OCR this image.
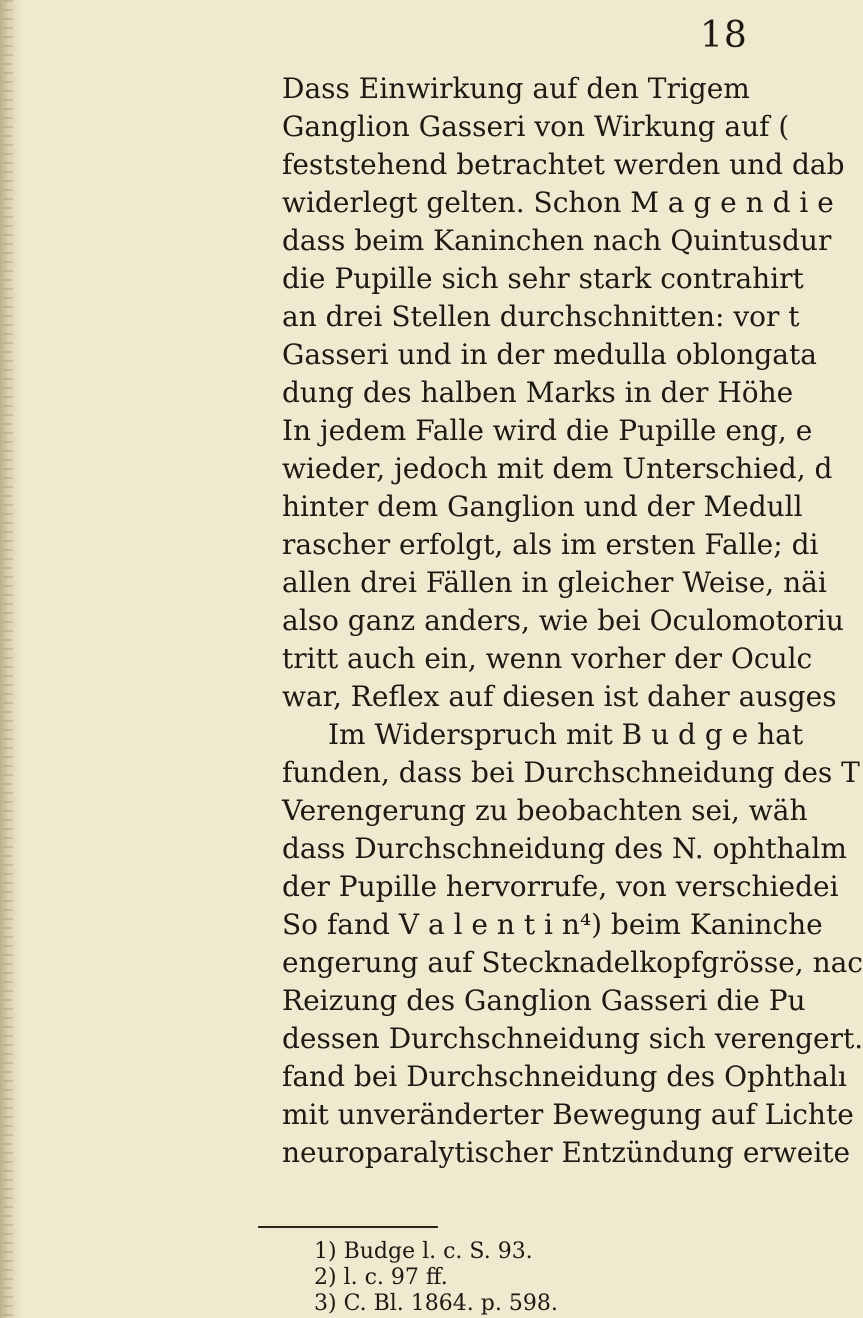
18
Dass Einwirkung auf den Trigem
Ganglion Gasseri von Wirkung auf (
feststehend betrachtet werden und dab
widerlegt gelten. Schon M a g e n d i e
dass beim Kaninchen nach Quintusdur
die Pupille sich sehr stark contrahirt
an drei Stellen durchschnitten: vor t
Gasseri und in der medulla oblongata
dung des halben Marks in der Höhe
In jedem Falle wird die Pupille eng, e
wieder, jedoch mit dem Unterschied, d
hinter dem Ganglion und der Medull
rascher erfolgt, als im ersten Falle; di
allen drei Fällen in gleicher Weise, näi
also ganz anders, wie bei Oculomotoriu
tritt auch ein, wenn vorher der Oculc
war, Reflex auf diesen ist daher ausges
Im Widerspruch mit B u d g e hat
funden, dass bei Durchschneidung des T
Verengerung zu beobachten sei, wäh
dass Durchschneidung des N. ophthalm
der Pupille hervorrufe, von verschiedei
So fand V a l e n t i n⁴) beim Kaninche
engerung auf Stecknadelkopfgrösse, nac
Reizung des Ganglion Gasseri die Pu
dessen Durchschneidung sich verengert.
fand bei Durchschneidung des Ophthalı
mit unveränderter Bewegung auf Lichte
neuroparalytischer Entzündung erweite
1) Budge l. c. S. 93.
2) l. c. 97 ff.
3) C. Bl. 1864. p. 598.
